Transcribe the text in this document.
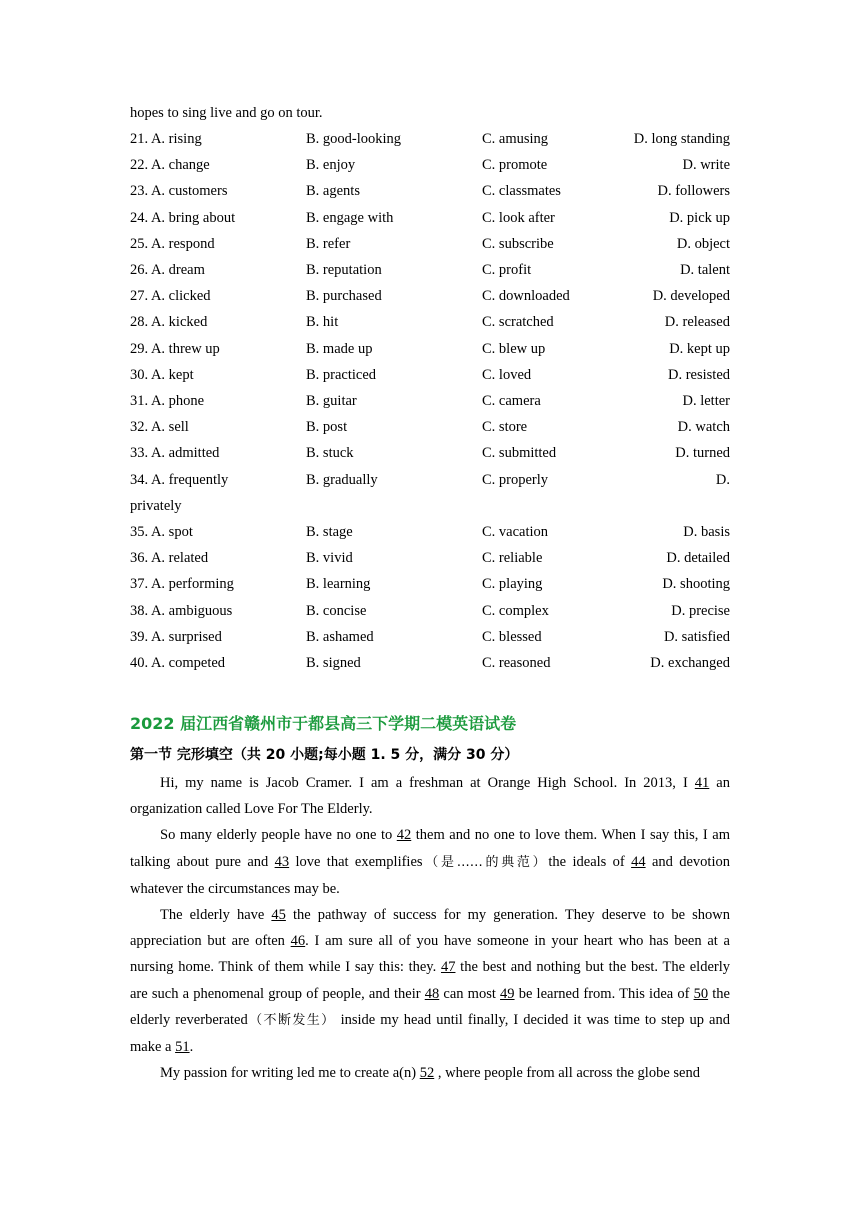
hopes to sing live and go on tour.
21. A. rising	B. good-looking	C. amusing	D. long standing
22. A. change	B. enjoy	C. promote	D. write
23. A. customers	B. agents	C. classmates	D. followers
24. A. bring about	B. engage with	C. look after	D. pick up
25. A. respond	B. refer	C. subscribe	D. object
26. A. dream	B. reputation	C. profit	D. talent
27. A. clicked	B. purchased	C. downloaded	D. developed
28. A. kicked	B. hit	C. scratched	D. released
29. A. threw up	B. made up	C. blew up	D. kept up
30. A. kept	B. practiced	C. loved	D. resisted
31. A. phone	B. guitar	C. camera	D. letter
32. A. sell	B. post	C. store	D. watch
33. A. admitted	B. stuck	C. submitted	D. turned
34. A. frequently	B. gradually	C. properly	D.
privately
35. A. spot	B. stage	C. vacation	D. basis
36. A. related	B. vivid	C. reliable	D. detailed
37. A. performing	B. learning	C. playing	D. shooting
38. A. ambiguous	B. concise	C. complex	D. precise
39. A. surprised	B. ashamed	C. blessed	D. satisfied
40. A. competed	B. signed	C. reasoned	D. exchanged
2022 届江西省赣州市于都县高三下学期二模英语试卷
第一节 完形填空（共 20 小题;每小题 1. 5 分，满分 30 分）

Hi, my name is Jacob Cramer. I am a freshman at Orange High School. In 2013, I 41 an organization called Love For The Elderly.

So many elderly people have no one to 42 them and no one to love them. When I say this, I am talking about pure and 43 love that exemplifies（是……的典范）the ideals of 44 and devotion whatever the circumstances may be.

The elderly have 45 the pathway of success for my generation. They deserve to be shown appreciation but are often 46. I am sure all of you have someone in your heart who has been at a nursing home. Think of them while I say this: they. 47 the best and nothing but the best. The elderly are such a phenomenal group of people, and their 48 can most 49 be learned from. This idea of 50 the elderly reverberated（不断发生） inside my head until finally, I decided it was time to step up and make a 51.

My passion for writing led me to create a(n) 52 , where people from all across the globe send
